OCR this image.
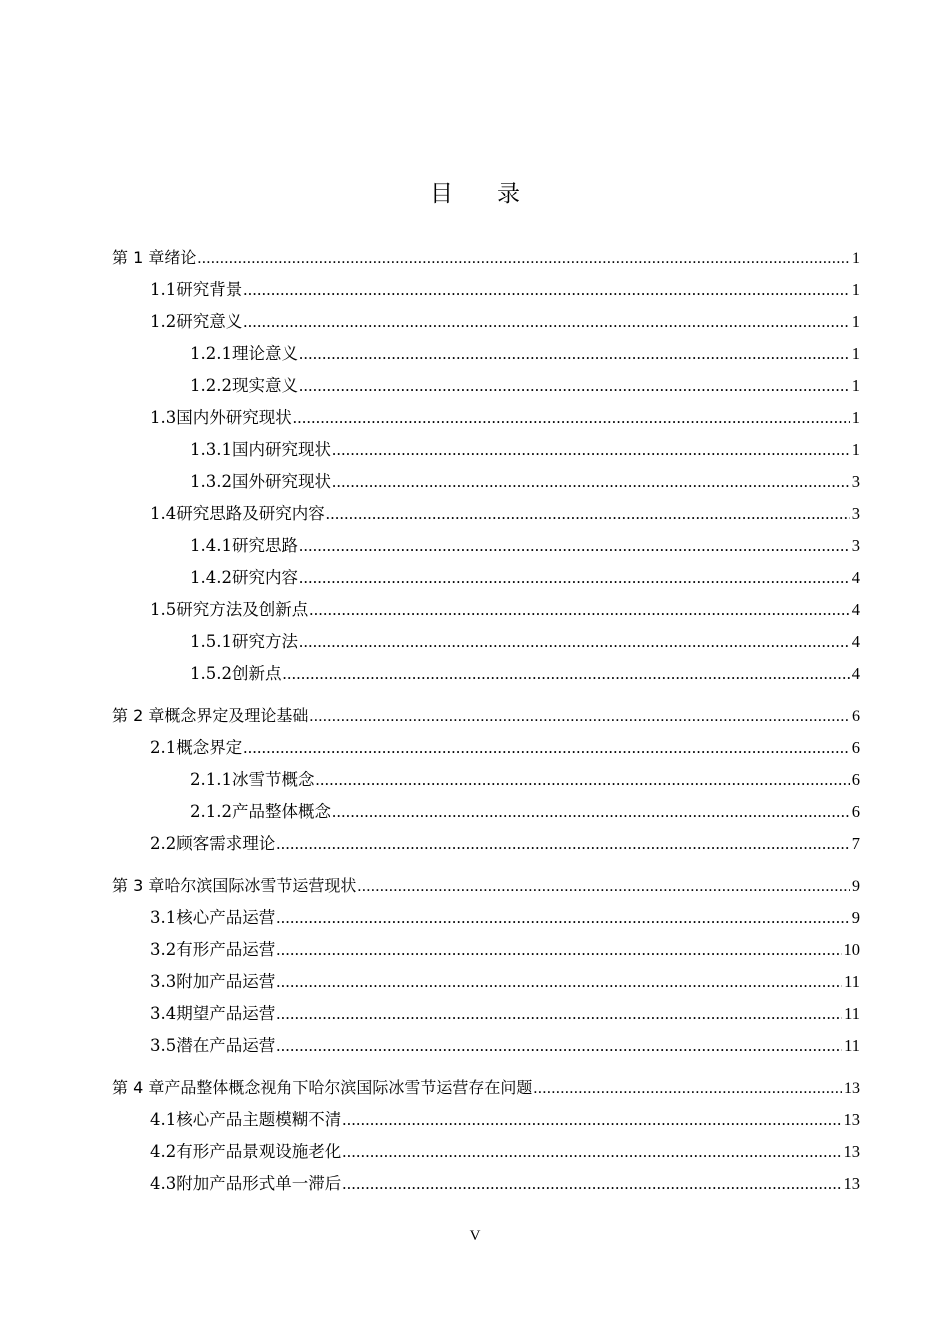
目录
第 1 章 绪论 .....	1
1.1 研究背景 .....	1
1.2 研究意义 .....	1
1.2.1 理论意义 .....	1
1.2.2 现实意义 .....	1
1.3 国内外研究现状 .....	1
1.3.1 国内研究现状 .....	1
1.3.2 国外研究现状 .....	3
1.4 研究思路及研究内容 .....	3
1.4.1 研究思路 .....	3
1.4.2 研究内容 .....	4
1.5 研究方法及创新点 .....	4
1.5.1 研究方法 .....	4
1.5.2 创新点 .....	4
第 2 章 概念界定及理论基础 .....	6
2.1 概念界定 .....	6
2.1.1 冰雪节概念 .....	6
2.1.2 产品整体概念 .....	6
2.2 顾客需求理论 .....	7
第 3 章 哈尔滨国际冰雪节运营现状 .....	9
3.1 核心产品运营 .....	9
3.2 有形产品运营 .....	10
3.3 附加产品运营 .....	11
3.4 期望产品运营 .....	11
3.5 潜在产品运营 .....	11
第 4 章 产品整体概念视角下哈尔滨国际冰雪节运营存在问题 .....	13
4.1 核心产品主题模糊不清 .....	13
4.2 有形产品景观设施老化 .....	13
4.3 附加产品形式单一滞后 .....	13
V
